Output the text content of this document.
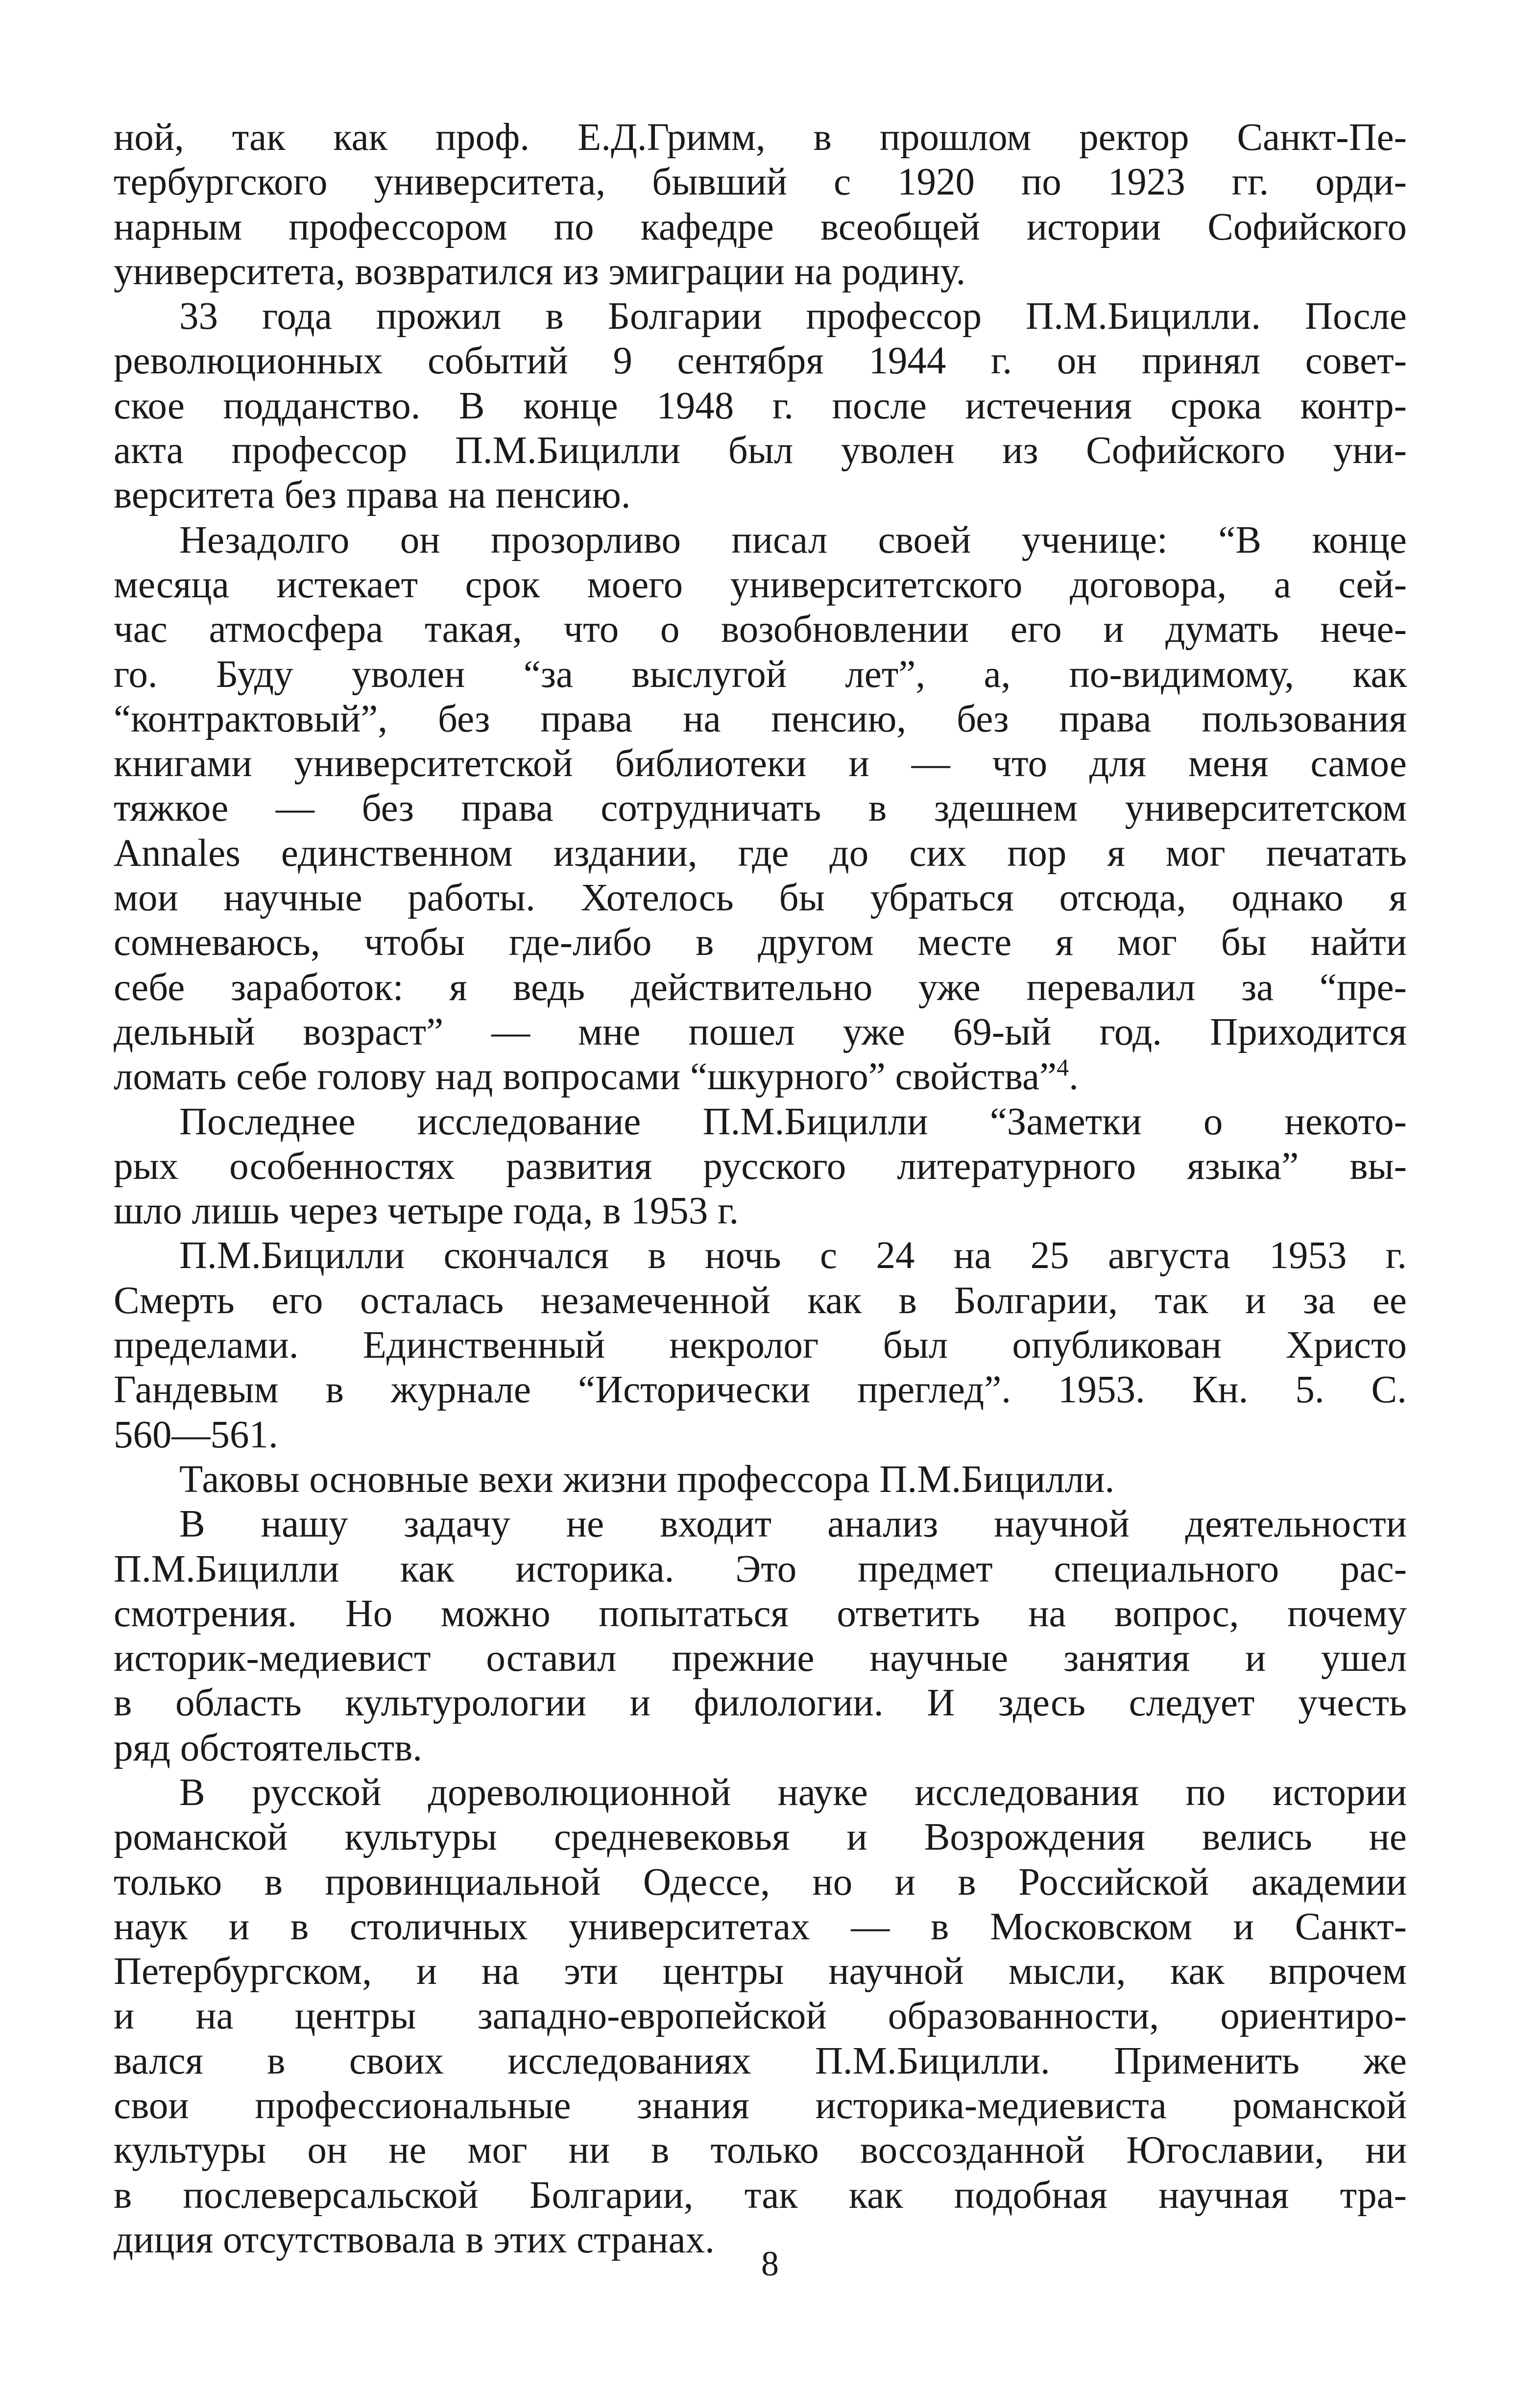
ной, так как проф. Е.Д.Гримм, в прошлом ректор Санкт-Пе-
тербургского университета, бывший с 1920 по 1923 гг. орди-
нарным профессором по кафедре всеобщей истории Софийского
университета, возвратился из эмиграции на родину.
33 года прожил в Болгарии профессор П.М.Бицилли. После
революционных событий 9 сентября 1944 г. он принял совет-
ское подданство. В конце 1948 г. после истечения срока контр-
акта профессор П.М.Бицилли был уволен из Софийского уни-
верситета без права на пенсию.
Незадолго он прозорливо писал своей ученице: “В конце
месяца истекает срок моего университетского договора, а сей-
час атмосфера такая, что о возобновлении его и думать нече-
го. Буду уволен “за выслугой лет”, а, по-видимому, как
“контрактовый”, без права на пенсию, без права пользования
книгами университетской библиотеки и — что для меня самое
тяжкое — без права сотрудничать в здешнем университетском
Annales единственном издании, где до сих пор я мог печатать
мои научные работы. Хотелось бы убраться отсюда, однако я
сомневаюсь, чтобы где-либо в другом месте я мог бы найти
себе заработок: я ведь действительно уже перевалил за “пре-
дельный возраст” — мне пошел уже 69-ый год. Приходится
ломать себе голову над вопросами “шкурного” свойства”$^4$.
Последнее исследование П.М.Бицилли “Заметки о некото-
рых особенностях развития русского литературного языка” вы-
шло лишь через четыре года, в 1953 г.
П.М.Бицилли скончался в ночь с 24 на 25 августа 1953 г.
Смерть его осталась незамеченной как в Болгарии, так и за ее
пределами. Единственный некролог был опубликован Христо
Гандевым в журнале “Исторически преглед”. 1953. Кн. 5. С.
560—561.
Таковы основные вехи жизни профессора П.М.Бицилли.
В нашу задачу не входит анализ научной деятельности
П.М.Бицилли как историка. Это предмет специального рас-
смотрения. Но можно попытаться ответить на вопрос, почему
историк-медиевист оставил прежние научные занятия и ушел
в область культурологии и филологии. И здесь следует учесть
ряд обстоятельств.
В русской дореволюционной науке исследования по истории
романской культуры средневековья и Возрождения велись не
только в провинциальной Одессе, но и в Российской академии
наук и в столичных университетах — в Московском и Санкт-
Петербургском, и на эти центры научной мысли, как впрочем
и на центры западно-европейской образованности, ориентиро-
вался в своих исследованиях П.М.Бицилли. Применить же
свои профессиональные знания историка-медиевиста романской
культуры он не мог ни в только воссозданной Югославии, ни
в послеверсальской Болгарии, так как подобная научная тра-
диция отсутствовала в этих странах.
8
